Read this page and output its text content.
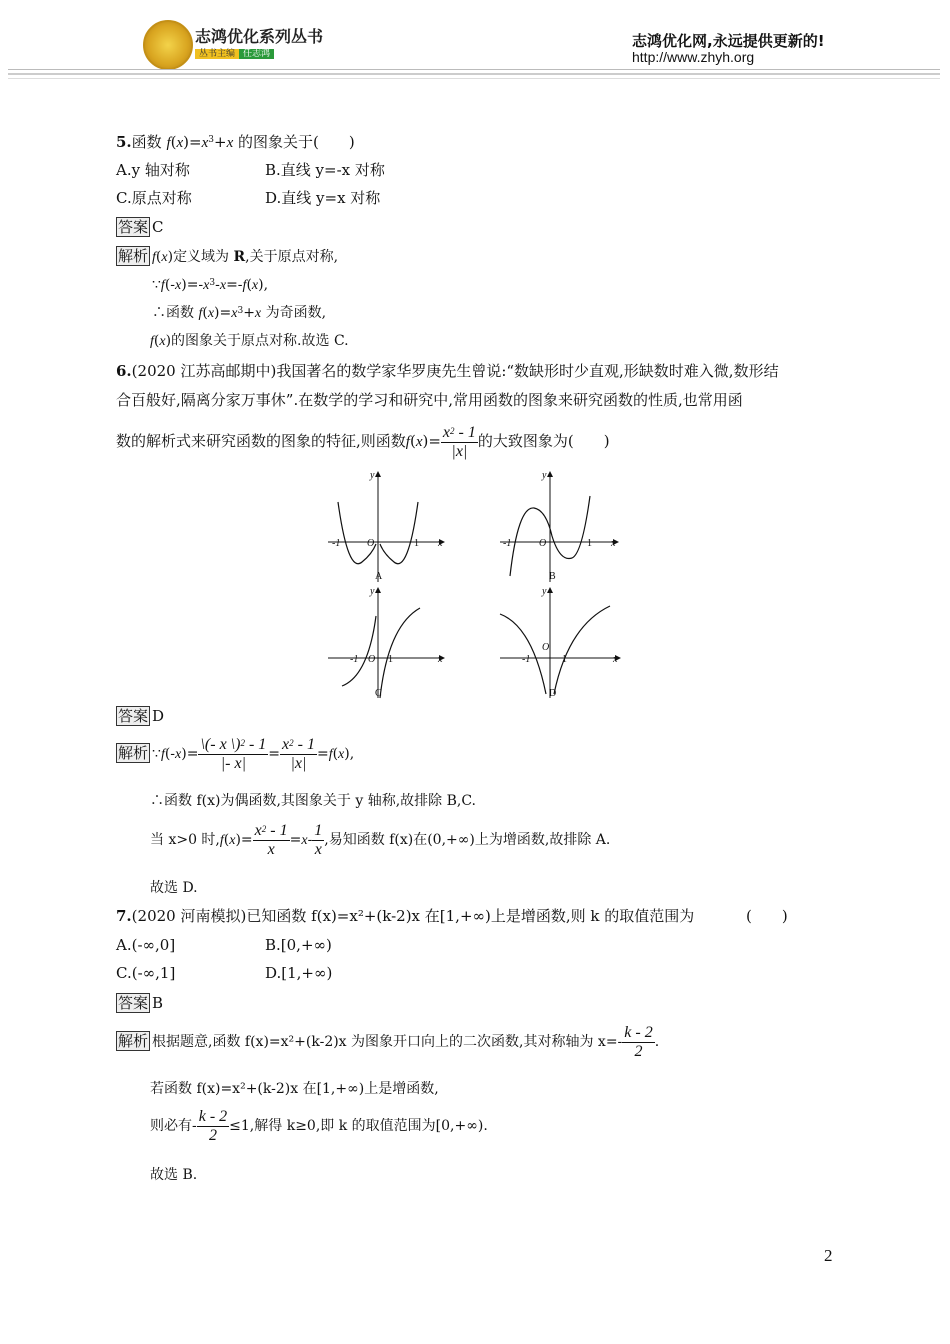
志鸿优化系列丛书
丛书主编 任志鸿
志鸿优化网,永远提供更新的!
http://www.zhyh.org
5.函数 $f(x)=x^3+x$ 的图象关于(　　)
A.y 轴对称	B.直线 y=-x 对称
C.原点对称	D.直线 y=x 对称
答案 C
解析 f(x)定义域为 R,关于原点对称,
$\because f(-x)=-x^3-x=-f(x)$,
∴函数 $f(x)=x^3+x$ 为奇函数,
f(x)的图象关于原点对称.故选 C.
6.(2020 江苏高邮期中)我国著名的数学家华罗庚先生曾说:“数缺形时少直观,形缺数时难入微,数形结
合百般好,隔离分家万事休”.在数学的学习和研究中,常用函数的图象来研究函数的性质,也常用函
数的解析式来研究函数的图象的特征,则函数$f(x)= \frac{x^2 - 1}{|x|}$ 的大致图象为(　　)
-1	O	1 x
y
A
-1	O	1 x
y
B
-1 O 1	x
y
C
-1
O
1	x
y
D
答案 D
解析 ∵f(-x)= $\frac{\backslash(- x \backslash)^2 - 1}{|- x|} = \frac{x^2 - 1}{|x|} =f(x)$,
∴函数 f(x)为偶函数,其图象关于 y 轴称,故排除 B,C.
当 x>0 时$,f(x)= \frac{x^2 - 1}{x} =x- \frac{1}{x}$ ,易知函数 f(x)在(0,+∞)上为增函数,故排除 A.
故选 D.
7.(2020 河南模拟)已知函数 f(x)=x²+(k-2)x 在[1,+∞)上是增函数,则 k 的取值范围为	(　　)
A.(-∞,0]	B.[0,+∞)
C.(-∞,1]	D.[1,+∞)
答案 B
解析 根据题意,函数 f(x)=x²+(k-2)x 为图象开口向上的二次函数,其对称轴为 $x=- \frac{k - 2}{2}$ .
若函数 f(x)=x²+(k-2)x 在[1,+∞)上是增函数,
则必有- $\frac{k - 2}{2} \le 1$,解得 k≥0,即 k 的取值范围为[0,+∞).
故选 B.
2
